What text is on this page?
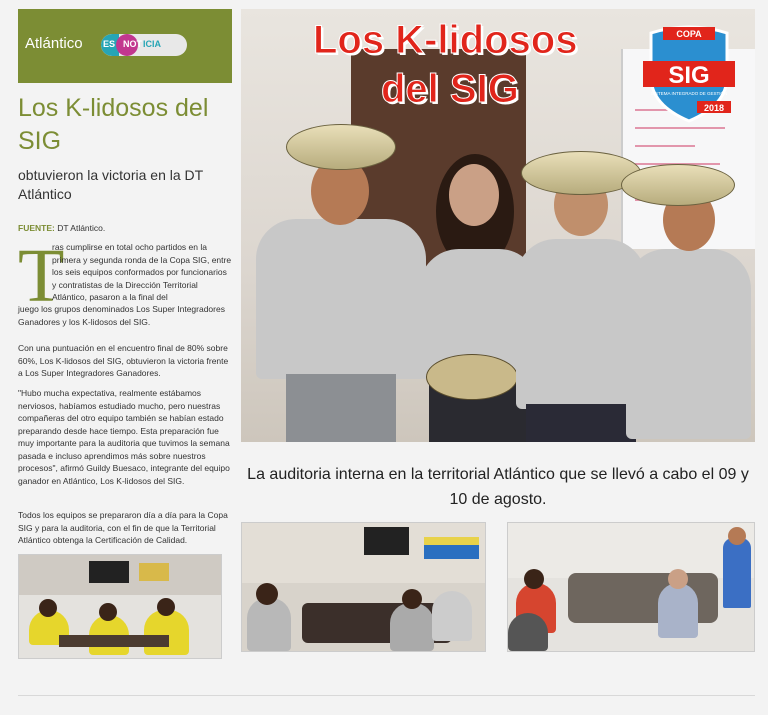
Atlántico ES NOT ICIA
Los K-lidosos del SIG
obtuvieron la victoria en la DT Atlántico
FUENTE: DT Atlántico.
T
ras cumplirse en total ocho partidos en la primera y segunda ronda de la Copa SIG, entre los seis equipos conformados por funcionarios y contratistas de la Dirección Territorial Atlántico, pasaron a la final del
juego los grupos denominados Los Super Integradores Ganadores y los K-lidosos del SIG.
Con una puntuación en el encuentro final de 80% sobre 60%, Los K-lidosos del SIG, obtuvieron la victoria frente a Los Super Integradores Ganadores.
"Hubo mucha expectativa, realmente estábamos nerviosos, habíamos estudiado mucho, pero nuestras compañeras del otro equipo también se habían estado preparando desde hace tiempo. Esta preparación fue muy importante para la auditoria que tuvimos la semana pasada e incluso aprendimos más sobre nuestros procesos", afirmó Guildy Buesaco, integrante del equipo ganador en Atlántico, Los K-lidosos del SIG.
Todos los equipos se prepararon día a día para la Copa SIG y para la auditoria, con el fin de que la Territorial Atlántico obtenga la Certificación de Calidad.
Los K-lidosos
del SIG
COPA
SIG
SISTEMA INTEGRADO DE GESTIÓN
2018
La auditoria interna en la territorial Atlántico que se llevó a cabo el 09 y 10 de agosto.
